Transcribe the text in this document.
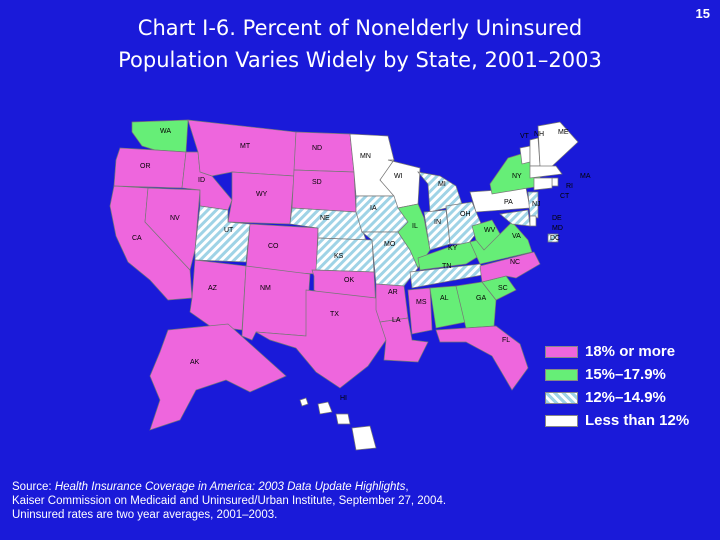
15
Chart I-6. Percent of Nonelderly Uninsured
Population Varies Widely by State, 2001–2003
WA
OR
CA
NV
ID
MT
WY
UT
CO
AZ	NM
ND
SD
NE
KS
OK
TX
MN
IA
MO
AR
LA
WI
IL
MI
IN
OH
KY
TN
MS
AL	GA
FL
SC
NC
VA
WV
PA
NY
VT NH ME
MA
RI
CT
NJ
DE
MD
DC
AK
HI
18% or more
15%–17.9%
12%–14.9%
Less than 12%
Source: Health Insurance Coverage in America: 2003 Data Update Highlights,
Kaiser Commission on Medicaid and Uninsured/Urban Institute, September 27, 2004.
Uninsured rates are two year averages, 2001–2003.
